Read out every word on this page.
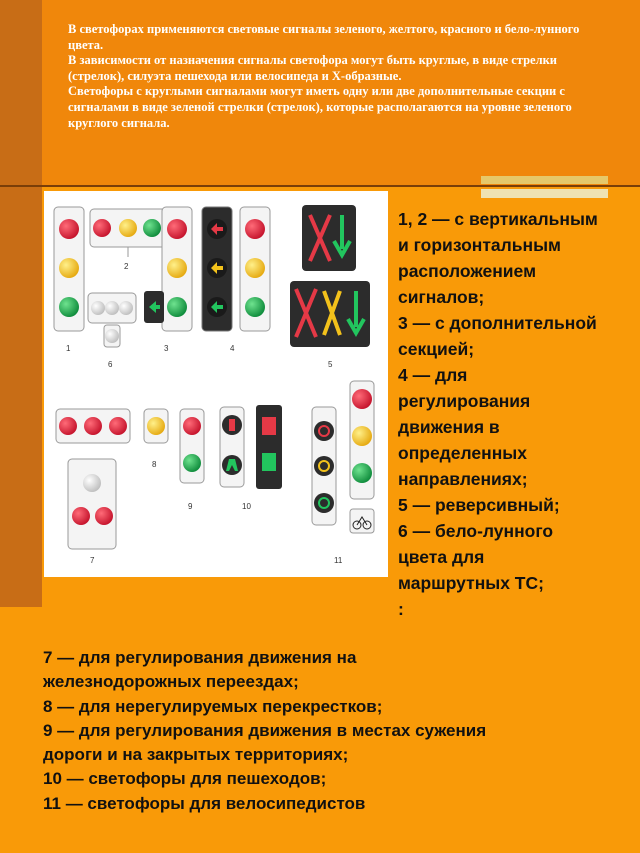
В светофорах применяются световые сигналы зеленого, желтого, красного и бело-лунного цвета.

В зависимости от назначения сигналы светофора могут быть круглые, в виде стрелки (стрелок), силуэта пешехода или велосипеда и Х-образные.

Светофоры с круглыми сигналами могут иметь одну или две дополнительные секции с сигналами в виде зеленой стрелки (стрелок), которые располагаются на уровне зеленого круглого сигнала.

1
2
3	4
5
6
7
8
9	10
11
1, 2 — с вертикальным
и горизонтальным
расположением
сигналов;
3 — с дополнительной
секцией;
4 — для
регулирования
движения в
определенных
направлениях;
5 — реверсивный;
6 — бело-лунного
цвета для
маршрутных ТС;
:
7 — для регулирования движения на
железнодорожных переездах;
8 — для нерегулируемых перекрестков;
9 — для регулирования движения в местах сужения
дороги и на закрытых территориях;
10 — светофоры для пешеходов;
11 — светофоры для велосипедистов
